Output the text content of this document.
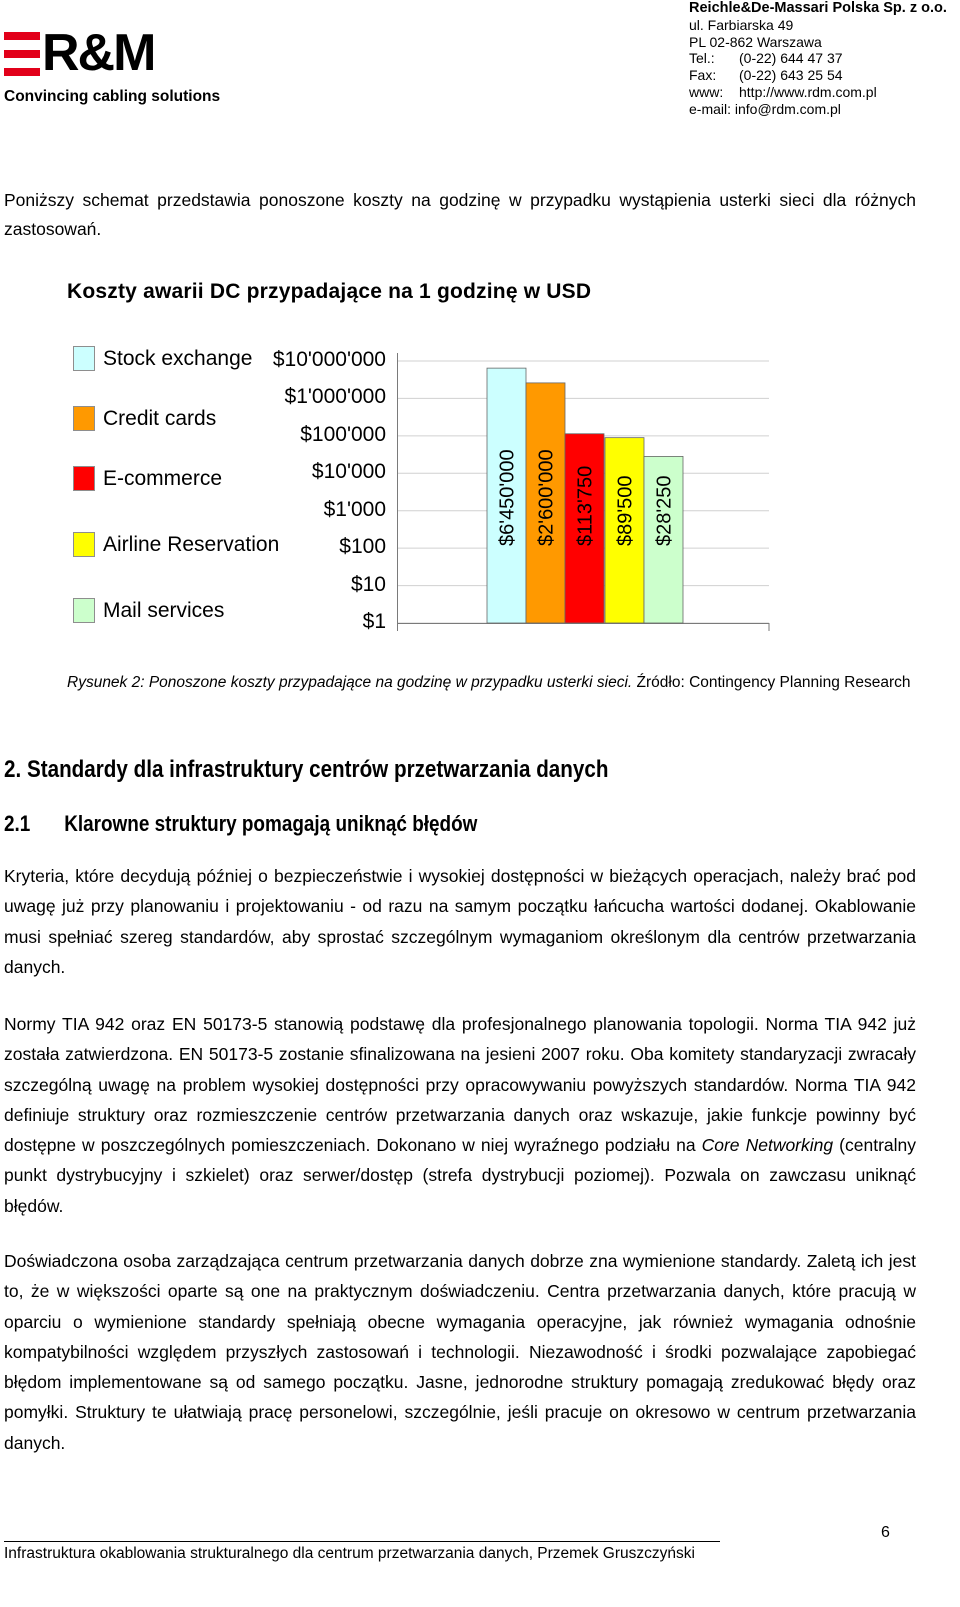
R&M
Convincing cabling solutions
Reichle&De-Massari Polska Sp. z o.o.
ul. Farbiarska 49
PL 02-862 Warszawa
Tel.:	(0-22) 644 47 37
Fax:	(0-22) 643 25 54
www:	http://www.rdm.com.pl
e-mail: info@rdm.com.pl
Poniższy schemat przedstawia ponoszone koszty na godzinę w przypadku wystąpienia usterki sieci dla różnych zastosowań.
Koszty awarii DC przypadające na 1 godzinę w USD
Stock exchange
Credit cards
E-commerce
Airline Reservation
Mail services
$10'000'000
$1'000'000
$100'000
$10'000
$1'000
$100
$10
$1
$6'450'000 $2'600'000 $113'750 $89'500 $28'250
Rysunek 2: Ponoszone koszty przypadające na godzinę w przypadku usterki sieci. Źródło: Contingency Planning Research
2. Standardy dla infrastruktury centrów przetwarzania danych
2.1 Klarowne struktury pomagają uniknąć błędów
Kryteria, które decydują później o bezpieczeństwie i wysokiej dostępności w bieżących operacjach, należy brać pod uwagę już przy planowaniu i projektowaniu - od razu na samym początku łańcucha wartości dodanej. Okablowanie musi spełniać szereg standardów, aby sprostać szczególnym wymaganiom określonym dla centrów przetwarzania danych.
Normy TIA 942 oraz EN 50173-5 stanowią podstawę dla profesjonalnego planowania topologii. Norma TIA 942 już została zatwierdzona. EN 50173-5 zostanie sfinalizowana na jesieni 2007 roku. Oba komitety standaryzacji zwracały szczególną uwagę na problem wysokiej dostępności przy opracowywaniu powyższych standardów. Norma TIA 942 definiuje struktury oraz rozmieszczenie centrów przetwarzania danych oraz wskazuje, jakie funkcje powinny być dostępne w poszczególnych pomieszczeniach. Dokonano w niej wyraźnego podziału na Core Networking (centralny punkt dystrybucyjny i szkielet) oraz serwer/dostęp (strefa dystrybucji poziomej). Pozwala on zawczasu uniknąć błędów.
Doświadczona osoba zarządzająca centrum przetwarzania danych dobrze zna wymienione standardy. Zaletą ich jest to, że w większości oparte są one na praktycznym doświadczeniu. Centra przetwarzania danych, które pracują w oparciu o wymienione standardy spełniają obecne wymagania operacyjne, jak również wymagania odnośnie kompatybilności względem przyszłych zastosowań i technologii. Niezawodność i środki pozwalające zapobiegać błędom implementowane są od samego początku. Jasne, jednorodne struktury pomagają zredukować błędy oraz pomyłki. Struktury te ułatwiają pracę personelowi, szczególnie, jeśli pracuje on okresowo w centrum przetwarzania danych.
Infrastruktura okablowania strukturalnego dla centrum przetwarzania danych, Przemek Gruszczyński
6
